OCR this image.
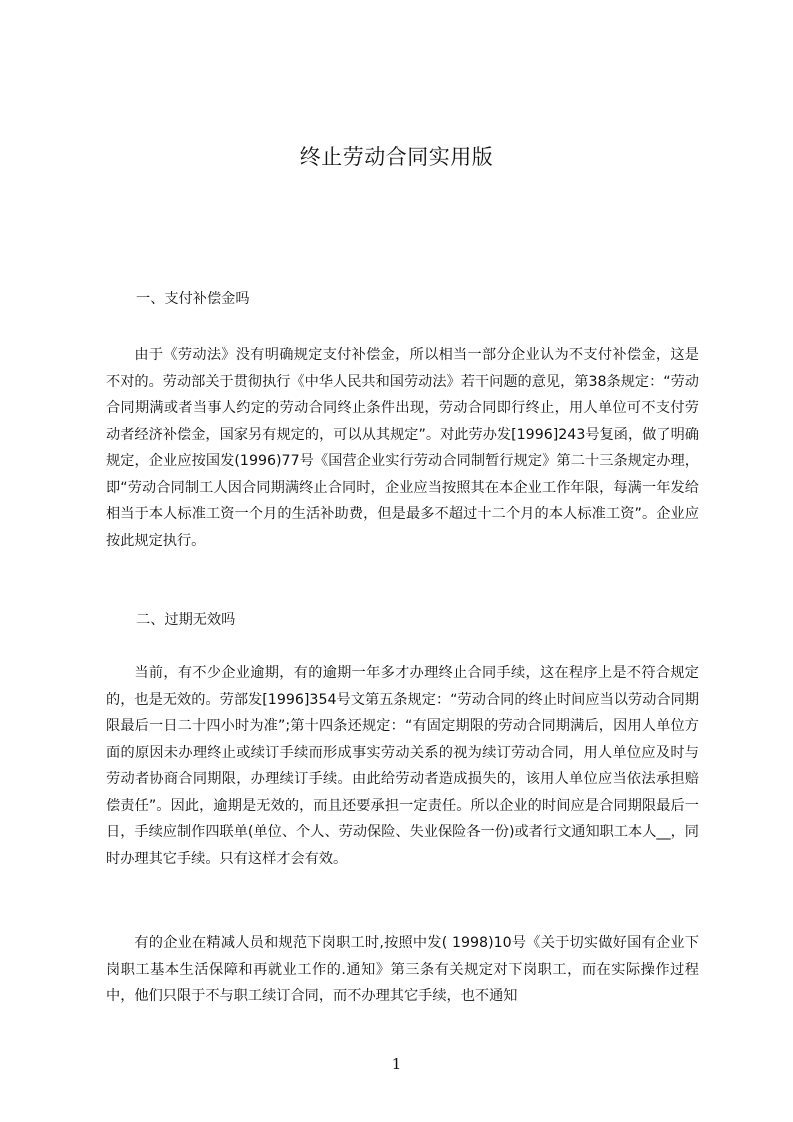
终止劳动合同实用版
一、支付补偿金吗

由于《劳动法》没有明确规定支付补偿金，所以相当一部分企业认为不支付补偿金，这是不对的。劳动部关于贯彻执行《中华人民共和国劳动法》若干问题的意见，第38条规定：“劳动合同期满或者当事人约定的劳动合同终止条件出现，劳动合同即行终止，用人单位可不支付劳动者经济补偿金，国家另有规定的，可以从其规定”。对此劳办发[1996]243号复函，做了明确规定，企业应按国发(1996)77号《国营企业实行劳动合同制暂行规定》第二十三条规定办理，即“劳动合同制工人因合同期满终止合同时，企业应当按照其在本企业工作年限，每满一年发给相当于本人标准工资一个月的生活补助费，但是最多不超过十二个月的本人标准工资”。企业应按此规定执行。

二、过期无效吗

当前，有不少企业逾期，有的逾期一年多才办理终止合同手续，这在程序上是不符合规定的，也是无效的。劳部发[1996]354号文第五条规定：“劳动合同的终止时间应当以劳动合同期限最后一日二十四小时为准”;第十四条还规定：“有固定期限的劳动合同期满后，因用人单位方面的原因未办理终止或续订手续而形成事实劳动关系的视为续订劳动合同，用人单位应及时与劳动者协商合同期限，办理续订手续。由此给劳动者造成损失的，该用人单位应当依法承担赔偿责任”。因此，逾期是无效的，而且还要承担一定责任。所以企业的时间应是合同期限最后一日，手续应制作四联单(单位、个人、劳动保险、失业保险各一份)或者行文通知职工本人__，同时办理其它手续。只有这样才会有效。

有的企业在精减人员和规范下岗职工时,按照中发( 1998)10号《关于切实做好国有企业下岗职工基本生活保障和再就业工作的.通知》第三条有关规定对下岗职工，而在实际操作过程中，他们只限于不与职工续订合同，而不办理其它手续，也不通知

1
